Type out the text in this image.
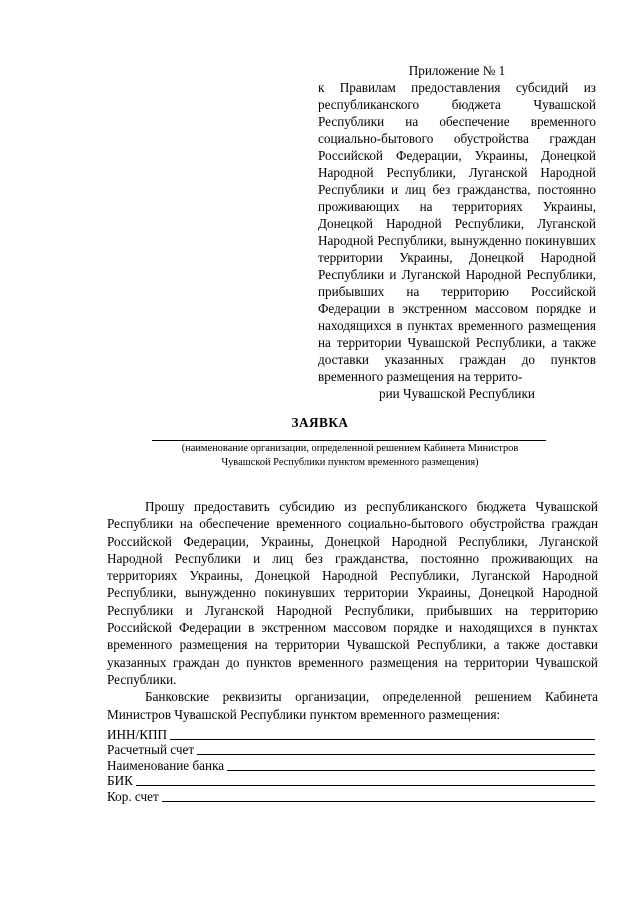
Приложение № 1

к Правилам предоставления субсидий из республиканского бюджета Чувашской Республики на обеспечение временного социально-бытового обустройства граждан Российской Федерации, Украины, Донецкой Народной Республики, Луганской Народной Республики и лиц без гражданства, постоянно проживающих на территориях Украины, Донецкой Народной Республики, Луганской Народной Республики, вынужденно покинувших территории Украины, Донецкой Народной Республики и Луганской Народной Республики, прибывших на территорию Российской Федерации в экстренном массовом порядке и находящихся в пунктах временного размещения на территории Чувашской Республики, а также доставки указанных граждан до пунктов временного размещения на террито-

рии Чувашской Республики

ЗАЯВКА
(наименование организации, определенной решением Кабинета Министров
Чувашской Республики пунктом временного размещения)

Прошу предоставить субсидию из республиканского бюджета Чувашской Республики на обеспечение временного социально-бытового обустройства граждан Российской Федерации, Украины, Донецкой Народной Республики, Луганской Народной Республики и лиц без гражданства, постоянно проживающих на территориях Украины, Донецкой Народной Республики, Луганской Народной Республики, вынужденно покинувших территории Украины, Донецкой Народной Республики и Луганской Народной Республики, прибывших на территорию Российской Федерации в экстренном массовом порядке и находящихся в пунктах временного размещения на территории Чувашской Республики, а также доставки указанных граждан до пунктов временного размещения на территории Чувашской Республики.

Банковские реквизиты организации, определенной решением Кабинета Министров Чувашской Республики пунктом временного размещения:

ИНН/КПП
Расчетный счет
Наименование банка
БИК
Кор. счет
